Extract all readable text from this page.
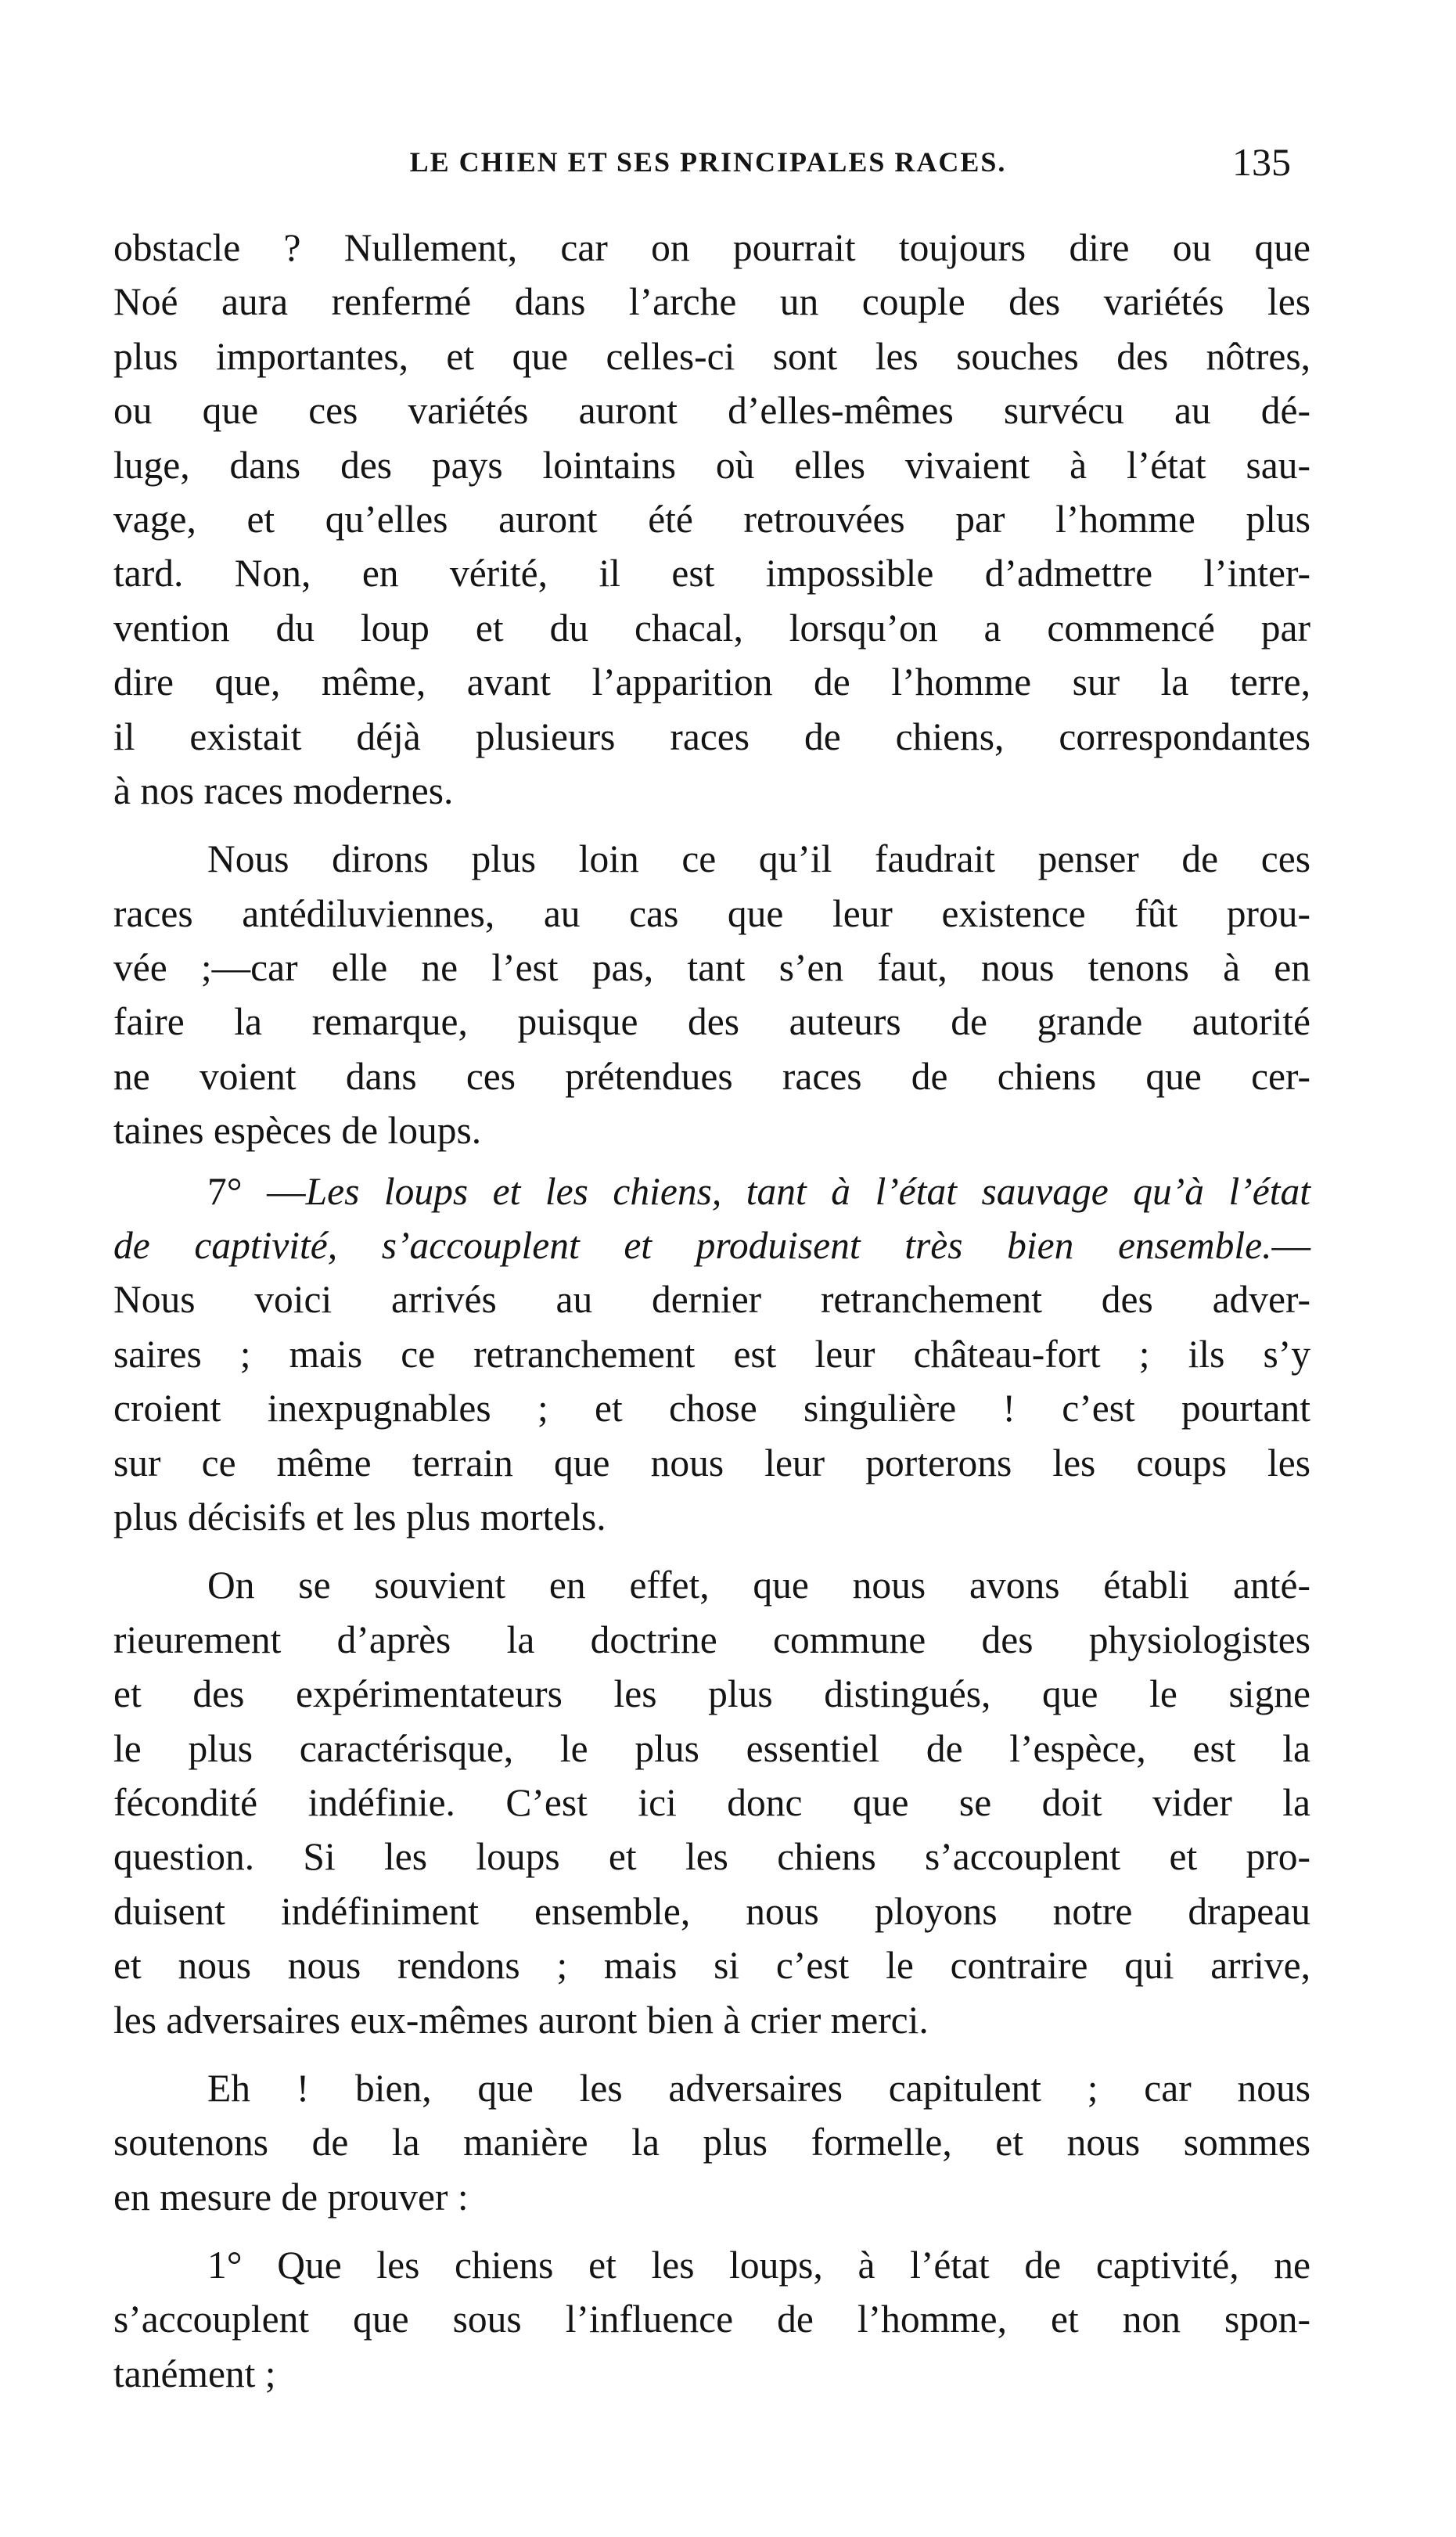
LE CHIEN ET SES PRINCIPALES RACES.	135
obstacle ? Nullement, car on pourrait toujours dire ou que
Noé aura renfermé dans l’arche un couple des variétés les
plus importantes, et que celles-ci sont les souches des nôtres,
ou que ces variétés auront d’elles-mêmes survécu au dé-
luge, dans des pays lointains où elles vivaient à l’état sau-
vage, et qu’elles auront été retrouvées par l’homme plus
tard. Non, en vérité, il est impossible d’admettre l’inter-
vention du loup et du chacal, lorsqu’on a commencé par
dire que, même, avant l’apparition de l’homme sur la terre,
il existait déjà plusieurs races de chiens, correspondantes
à nos races modernes.
Nous dirons plus loin ce qu’il faudrait penser de ces
races antédiluviennes, au cas que leur existence fût prou-
vée ;—car elle ne l’est pas, tant s’en faut, nous tenons à en
faire la remarque, puisque des auteurs de grande autorité
ne voient dans ces prétendues races de chiens que cer-
taines espèces de loups.
7° —Les loups et les chiens, tant à l’état sauvage qu’à l’état
de captivité, s’accouplent et produisent très bien ensemble.—
Nous voici arrivés au dernier retranchement des adver-
saires ; mais ce retranchement est leur château-fort ; ils s’y
croient inexpugnables ; et chose singulière ! c’est pourtant
sur ce même terrain que nous leur porterons les coups les
plus décisifs et les plus mortels.
On se souvient en effet, que nous avons établi anté-
rieurement d’après la doctrine commune des physiologistes
et des expérimentateurs les plus distingués, que le signe
le plus caractérisque, le plus essentiel de l’espèce, est la
fécondité indéfinie. C’est ici donc que se doit vider la
question. Si les loups et les chiens s’accouplent et pro-
duisent indéfiniment ensemble, nous ployons notre drapeau
et nous nous rendons ; mais si c’est le contraire qui arrive,
les adversaires eux-mêmes auront bien à crier merci.
Eh ! bien, que les adversaires capitulent ; car nous
soutenons de la manière la plus formelle, et nous sommes
en mesure de prouver :
1° Que les chiens et les loups, à l’état de captivité, ne
s’accouplent que sous l’influence de l’homme, et non spon-
tanément ;
